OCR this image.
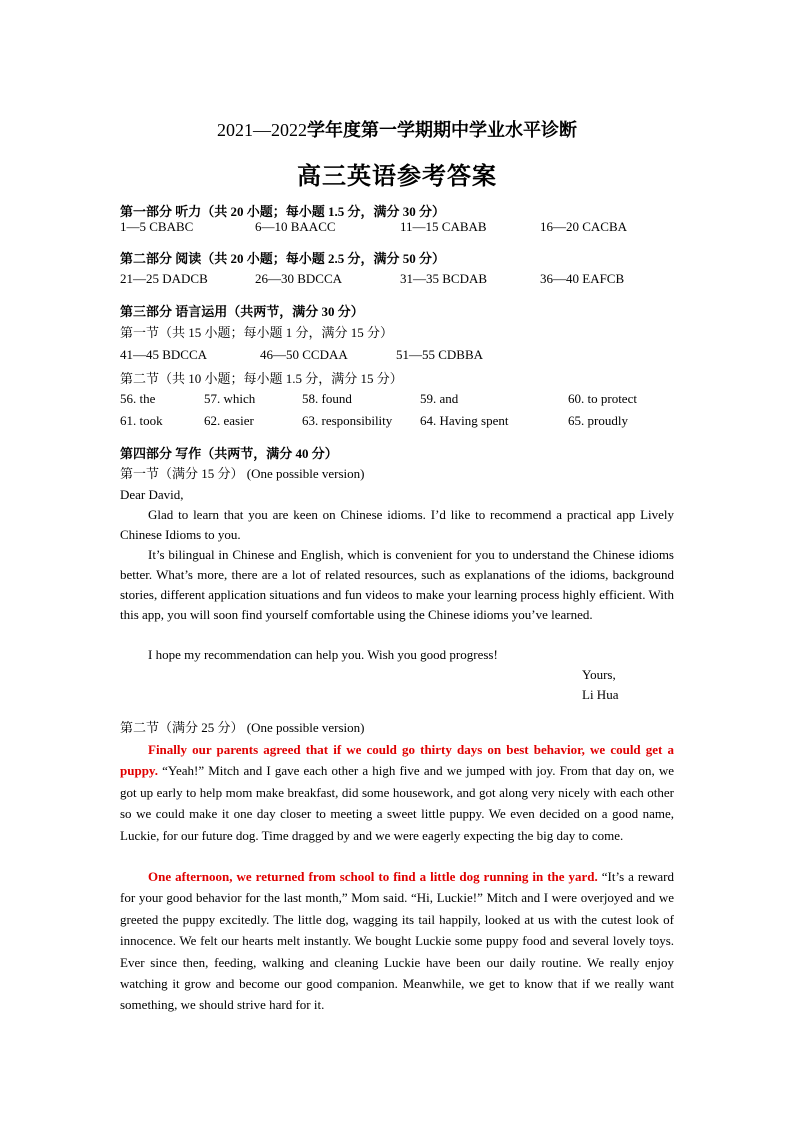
2021—2022学年度第一学期期中学业水平诊断
高三英语参考答案
第一部分 听力（共 20 小题；每小题 1.5 分，满分 30 分）
1—5 CBABC	6—10 BAACC	11—15 CABAB	16—20 CACBA
第二部分 阅读（共 20 小题；每小题 2.5 分，满分 50 分）
21—25 DADCB	26—30 BDCCA	31—35 BCDAB	36—40 EAFCB
第三部分 语言运用（共两节，满分 30 分）
第一节（共 15 小题；每小题 1 分，满分 15 分）
41—45 BDCCA	46—50 CCDAA	51—55 CDBBA
第二节（共 10 小题；每小题 1.5 分，满分 15 分）
56. the	57. which	58. found	59. and	60. to protect
61. took	62. easier	63. responsibility 64. Having spent	65. proudly
第四部分 写作（共两节，满分 40 分）
第一节（满分 15 分） (One possible version)
Dear David,

Glad to learn that you are keen on Chinese idioms. I’d like to recommend a practical app Lively Chinese Idioms to you.

It’s bilingual in Chinese and English, which is convenient for you to understand the Chinese idioms better. What’s more, there are a lot of related resources, such as explanations of the idioms, background stories, different application situations and fun videos to make your learning process highly efficient. With this app, you will soon find yourself comfortable using the Chinese idioms you’ve learned.

I hope my recommendation can help you. Wish you good progress!

Yours,
Li Hua
第二节（满分 25 分） (One possible version)

Finally our parents agreed that if we could go thirty days on best behavior, we could get a puppy. “Yeah!” Mitch and I gave each other a high five and we jumped with joy. From that day on, we got up early to help mom make breakfast, did some housework, and got along very nicely with each other so we could make it one day closer to meeting a sweet little puppy. We even decided on a good name, Luckie, for our future dog. Time dragged by and we were eagerly expecting the big day to come.

One afternoon, we returned from school to find a little dog running in the yard. “It’s a reward for your good behavior for the last month,” Mom said. “Hi, Luckie!” Mitch and I were overjoyed and we greeted the puppy excitedly. The little dog, wagging its tail happily, looked at us with the cutest look of innocence. We felt our hearts melt instantly. We bought Luckie some puppy food and several lovely toys. Ever since then, feeding, walking and cleaning Luckie have been our daily routine. We really enjoy watching it grow and become our good companion. Meanwhile, we get to know that if we really want something, we should strive hard for it.
